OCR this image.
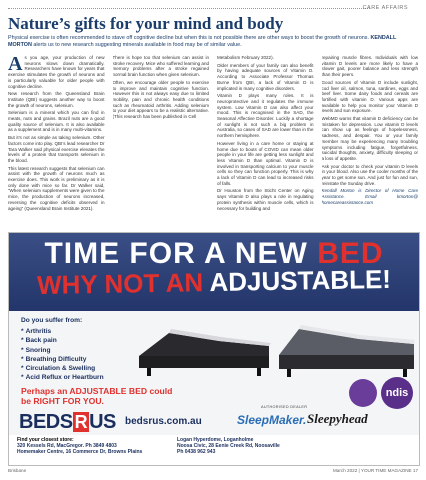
CARE AFFAIRS
Nature’s gifts for your mind and body

Physical exercise is often recommended to stave off cognitive decline but when this is not possible there are other ways to boost the growth of neurons. KENDALL MORTON alerts us to new research suggesting minerals available in food may be of similar value.

As you age, your production of new neurons slows down dramatically. Researchers have known for years that exercise stimulates the growth of neurons and is particularly valuable for older people with cognitive decline.

New research from the Queensland Brain Institute (QBI) suggests another way to boost the growth of neurons, selenium.

Selenium is a mineral which you can find in meats, nuts and grains. Brazil nuts are a good quality source of selenium. It is also available as a supplement and is in many multi-vitamins.

But it’s not as simple as taking selenium. Other factors come into play. QBI’s lead researcher Dr Tara Walker said physical exercise elevates the levels of a protein that transports selenium in the blood.

This latest research suggests that selenium can assist with the growth of neurons much as exercise does. This work is preliminary as it is only done with mice so far. Dr Walker said, “When selenium supplements were given to the mice, the production of neurons increased, reversing the cognitive deficits observed in ageing” (Queensland Brain Institute 2021).

There is hope too that selenium can assist in stroke recovery. Mice who suffered learning and memory problems after a stroke regained normal brain function when given selenium.

Often, we encourage older people to exercise to improve and maintain cognitive function. However this is not always easy due to limited mobility, pain and chronic health conditions such as rheumatoid arthritis. Adding selenium to your diet appears to be a realistic alternative. (This research has been published in Cell

Metabolism February 2022).

Older members of your family can also benefit by having adequate sources of Vitamin D. According to Associate Professor Thomas Burne from QBI, a lack of Vitamin D is implicated in many cognitive disorders.

Vitamin D plays many roles. It is neuroprotective and it regulates the immune system. Low Vitamin D can also affect your mood. This is recognised in the SAD, the Seasonal Affective Disorder. Luckily a shortage of sunlight is not such a big problem in Australia, so cases of SAD are lower than in the northern hemisphere.

However living in a care home or staying at home due to bouts of COVID can mean older people in your life are getting less sunlight and less Vitamin D than optimal. Vitamin D is involved in transporting calcium to your muscle cells so they can function properly. This is why a lack of Vitamin D can lead to increased risks of falls.

Dr Houston from the Sticht Center on Aging says Vitamin D also plays a role in regulating protein synthesis within muscle cells, which is necessary for building and

repairing muscle fibres. Individuals with low vitamin D levels are more likely to have a slower gait, poorer balance and less strength than their peers.

Good sources of Vitamin D include sunlight, cod liver oil, salmon, tuna, sardines, eggs and beef liver. Some dairy foods and cereals are fortified with vitamin D. Various apps are available to help you monitor your Vitamin D levels and sun exposure.

WebMD warns that vitamin D deficiency can be mistaken for depression. Low vitamin D levels can show up as feelings of hopelessness, sadness, and despair. You or your family member may be experiencing many troubling symptoms including fatigue, forgetfulness, suicidal thoughts, anxiety, difficulty sleeping or a loss of appetite.

Ask your doctor to check your vitamin D levels in your blood. Also use the cooler months of the year to get some sun. And just for fun and sun, reinstate the Sunday drive.

Kendall Morton is Director of Home Care Assistance. Email kmorton@ homecareassistance.com

TIME FOR A NEW BED
WHY NOT AN ADJUSTABLE!
Do you suffer from:
* Arthritis
* Back pain
* Snoring
* Breathing Difficulty
* Circulation & Swelling
* Acid Reflux or Heartburn
Perhaps an ADJUSTABLE BED could be RIGHT FOR YOU.
AUTHORISED DEALER
BEDS R US bedsrus.com.au	SleepMaker. Sleepyhead
ndis
Find your closest store:
320 Kessels Rd, MacGregor. Ph 3849 4803
Homemaker Centre, 16 Commerce Dr, Browns Plains
Logan Hyperdome, Loganholme
Noosa Civic, 28 Eenie Creek Rd, Noosaville
Ph 0438 962 943
Brisbane	March 2022 | YOUR TIME MAGAZINE 17
